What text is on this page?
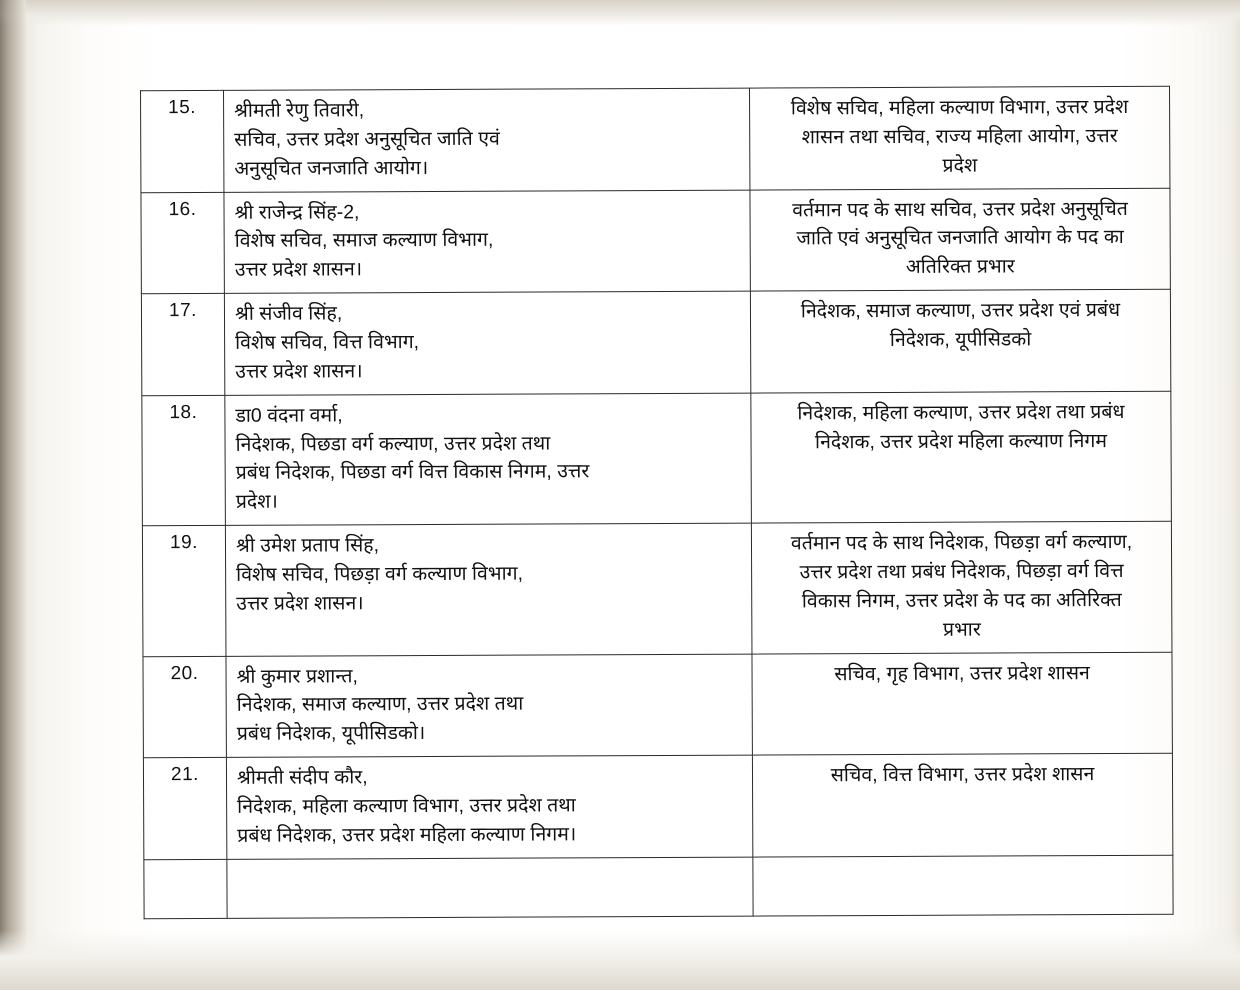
15.	श्रीमती रेणु तिवारी,
सचिव, उत्तर प्रदेश अनुसूचित जाति एवं
अनुसूचित जनजाति आयोग।	विशेष सचिव, महिला कल्याण विभाग, उत्तर प्रदेश
शासन तथा सचिव, राज्य महिला आयोग, उत्तर
प्रदेश

16.	श्री राजेन्द्र सिंह-2,
विशेष सचिव, समाज कल्याण विभाग,
उत्तर प्रदेश शासन।	वर्तमान पद के साथ सचिव, उत्तर प्रदेश अनुसूचित
जाति एवं अनुसूचित जनजाति आयोग के पद का
अतिरिक्त प्रभार

17.	श्री संजीव सिंह,
विशेष सचिव, वित्त विभाग,
उत्तर प्रदेश शासन।	निदेशक, समाज कल्याण, उत्तर प्रदेश एवं प्रबंध
निदेशक, यूपीसिडको

18.	डा0 वंदना वर्मा,
निदेशक, पिछडा वर्ग कल्याण, उत्तर प्रदेश तथा
प्रबंध निदेशक, पिछडा वर्ग वित्त विकास निगम, उत्तर
प्रदेश।	निदेशक, महिला कल्याण, उत्तर प्रदेश तथा प्रबंध
निदेशक, उत्तर प्रदेश महिला कल्याण निगम

19.	श्री उमेश प्रताप सिंह,
विशेष सचिव, पिछड़ा वर्ग कल्याण विभाग,
उत्तर प्रदेश शासन।	वर्तमान पद के साथ निदेशक, पिछड़ा वर्ग कल्याण,
उत्तर प्रदेश तथा प्रबंध निदेशक, पिछड़ा वर्ग वित्त
विकास निगम, उत्तर प्रदेश के पद का अतिरिक्त
प्रभार

20.	श्री कुमार प्रशान्त,
निदेशक, समाज कल्याण, उत्तर प्रदेश तथा
प्रबंध निदेशक, यूपीसिडको।	सचिव, गृह विभाग, उत्तर प्रदेश शासन

21.	श्रीमती संदीप कौर,
निदेशक, महिला कल्याण विभाग, उत्तर प्रदेश तथा
प्रबंध निदेशक, उत्तर प्रदेश महिला कल्याण निगम।	सचिव, वित्त विभाग, उत्तर प्रदेश शासन
